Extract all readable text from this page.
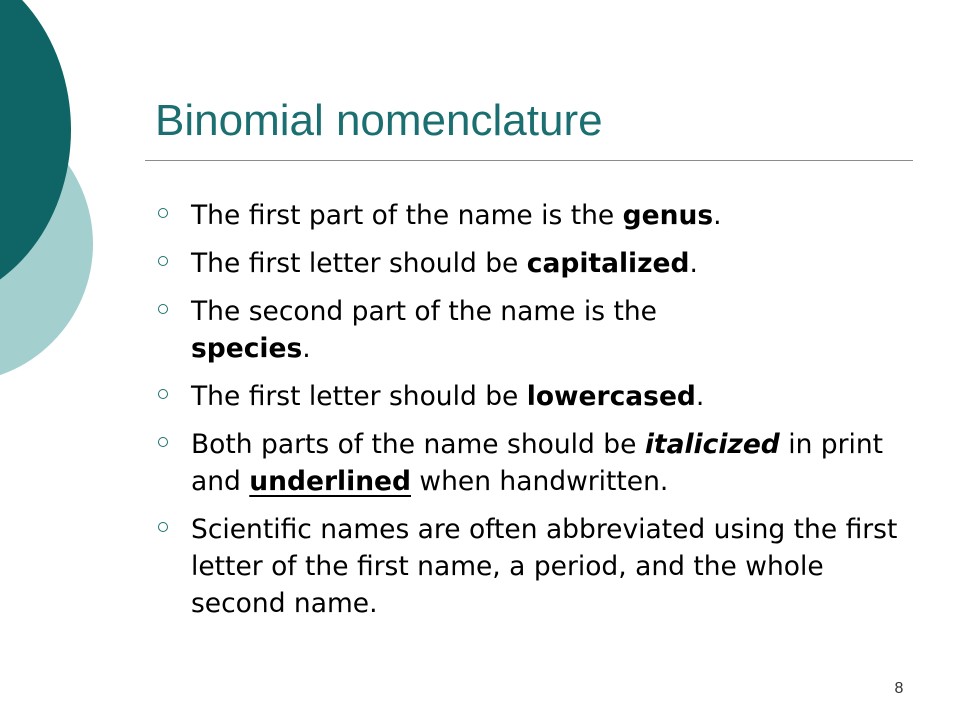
Binomial nomenclature
The first part of the name is the genus.
The first letter should be capitalized.
The second part of the name is the
species.
The first letter should be lowercased.
Both parts of the name should be italicized in print and underlined when handwritten.
Scientific names are often abbreviated using the first letter of the first name, a period, and the whole second name.
8
